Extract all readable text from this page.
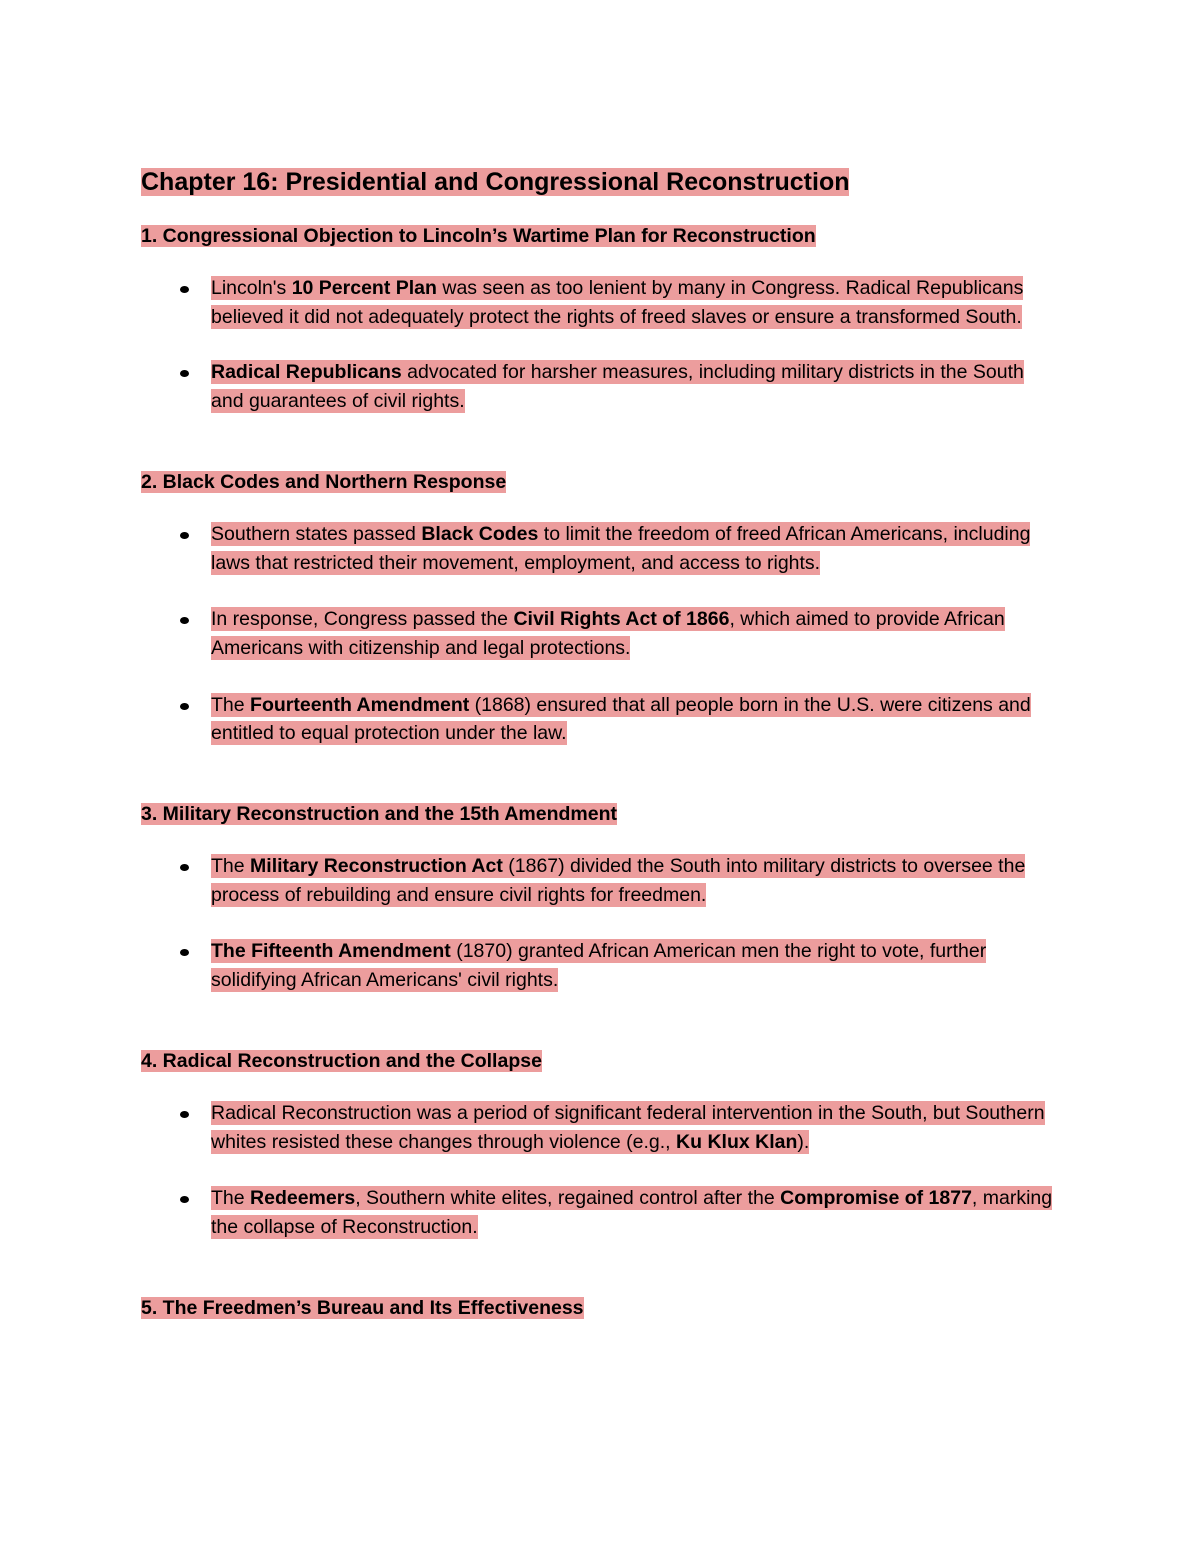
Chapter 16: Presidential and Congressional Reconstruction
1. Congressional Objection to Lincoln’s Wartime Plan for Reconstruction
Lincoln's 10 Percent Plan was seen as too lenient by many in Congress. Radical Republicans believed it did not adequately protect the rights of freed slaves or ensure a transformed South.
Radical Republicans advocated for harsher measures, including military districts in the South and guarantees of civil rights.
2. Black Codes and Northern Response
Southern states passed Black Codes to limit the freedom of freed African Americans, including laws that restricted their movement, employment, and access to rights.
In response, Congress passed the Civil Rights Act of 1866, which aimed to provide African Americans with citizenship and legal protections.
The Fourteenth Amendment (1868) ensured that all people born in the U.S. were citizens and entitled to equal protection under the law.
3. Military Reconstruction and the 15th Amendment
The Military Reconstruction Act (1867) divided the South into military districts to oversee the process of rebuilding and ensure civil rights for freedmen.
The Fifteenth Amendment (1870) granted African American men the right to vote, further solidifying African Americans' civil rights.
4. Radical Reconstruction and the Collapse
Radical Reconstruction was a period of significant federal intervention in the South, but Southern whites resisted these changes through violence (e.g., Ku Klux Klan).
The Redeemers, Southern white elites, regained control after the Compromise of 1877, marking the collapse of Reconstruction.
5. The Freedmen’s Bureau and Its Effectiveness
